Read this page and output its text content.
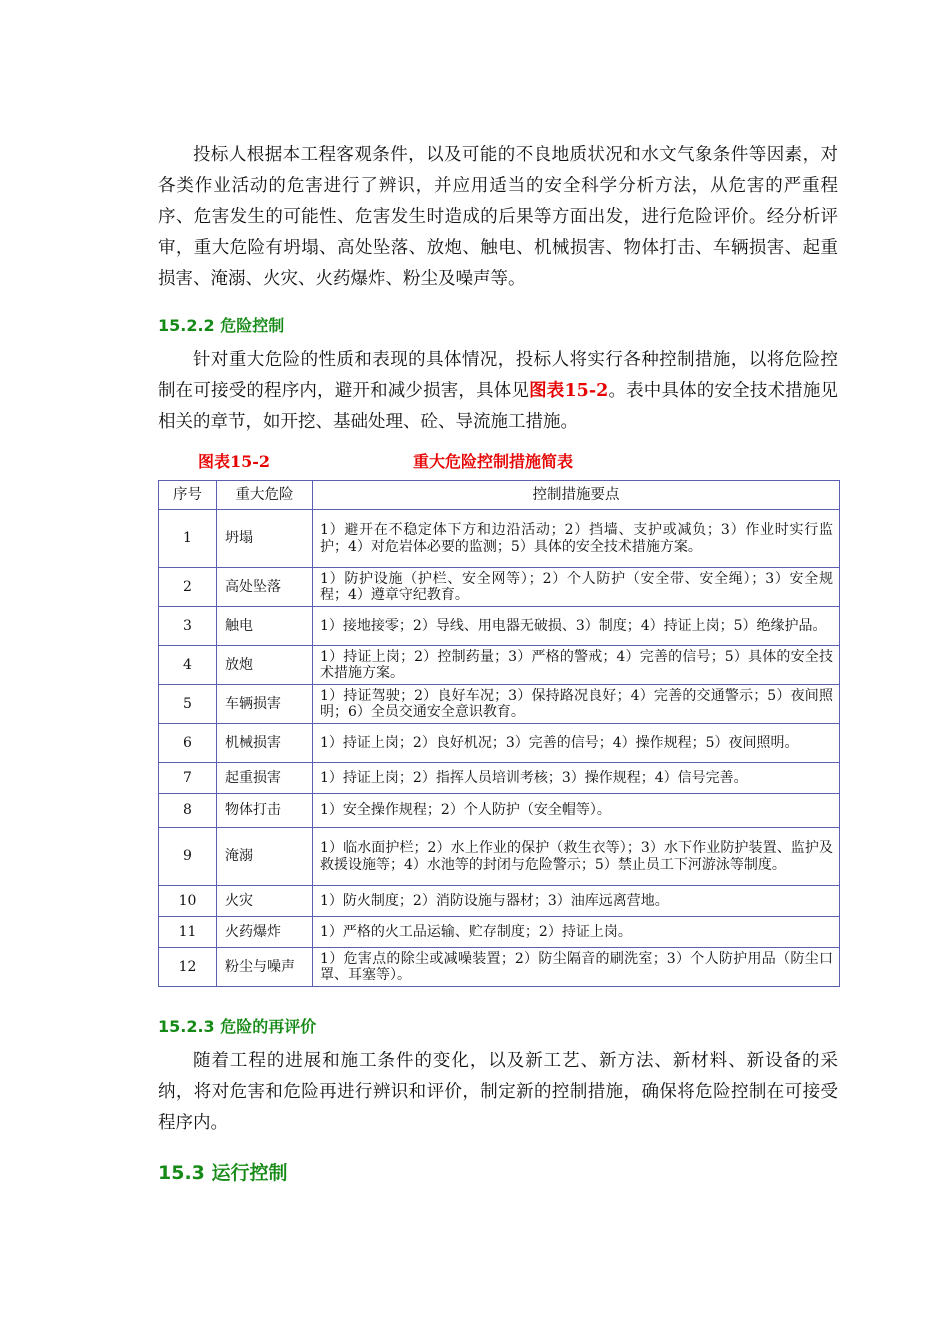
投标人根据本工程客观条件，以及可能的不良地质状况和水文气象条件等因素，对各类作业活动的危害进行了辨识，并应用适当的安全科学分析方法，从危害的严重程序、危害发生的可能性、危害发生时造成的后果等方面出发，进行危险评价。经分析评审，重大危险有坍塌、高处坠落、放炮、触电、机械损害、物体打击、车辆损害、起重损害、淹溺、火灾、火药爆炸、粉尘及噪声等。

15.2.2 危险控制

针对重大危险的性质和表现的具体情况，投标人将实行各种控制措施，以将危险控制在可接受的程序内，避开和减少损害，具体见图表15-2。表中具体的安全技术措施见相关的章节，如开挖、基础处理、砼、导流施工措施。

图表15-2	重大危险控制措施简表
序号	重大危险	控制措施要点
1	坍塌	1）避开在不稳定体下方和边沿活动；2）挡墙、支护或减负；3）作业时实行监护；4）对危岩体必要的监测；5）具体的安全技术措施方案。
2	高处坠落	1）防护设施（护栏、安全网等）；2）个人防护（安全带、安全绳）；3）安全规程；4）遵章守纪教育。
3	触电	1）接地接零；2）导线、用电器无破损、3）制度；4）持证上岗；5）绝缘护品。
4	放炮	1）持证上岗；2）控制药量；3）严格的警戒；4）完善的信号；5）具体的安全技术措施方案。
5	车辆损害	1）持证驾驶；2）良好车况；3）保持路况良好；4）完善的交通警示；5）夜间照明；6）全员交通安全意识教育。
6	机械损害	1）持证上岗；2）良好机况；3）完善的信号；4）操作规程；5）夜间照明。
7	起重损害	1）持证上岗；2）指挥人员培训考核；3）操作规程；4）信号完善。
8	物体打击	1）安全操作规程；2）个人防护（安全帽等）。
9	淹溺	1）临水面护栏；2）水上作业的保护（救生衣等）；3）水下作业防护装置、监护及救援设施等；4）水池等的封闭与危险警示；5）禁止员工下河游泳等制度。
10	火灾	1）防火制度；2）消防设施与器材；3）油库远离营地。
11	火药爆炸	1）严格的火工品运输、贮存制度；2）持证上岗。
12	粉尘与噪声	1）危害点的除尘或减噪装置；2）防尘隔音的刷洗室；3）个人防护用品（防尘口罩、耳塞等）。
15.2.3 危险的再评价

随着工程的进展和施工条件的变化，以及新工艺、新方法、新材料、新设备的采纳，将对危害和危险再进行辨识和评价，制定新的控制措施，确保将危险控制在可接受程序内。

15.3 运行控制
